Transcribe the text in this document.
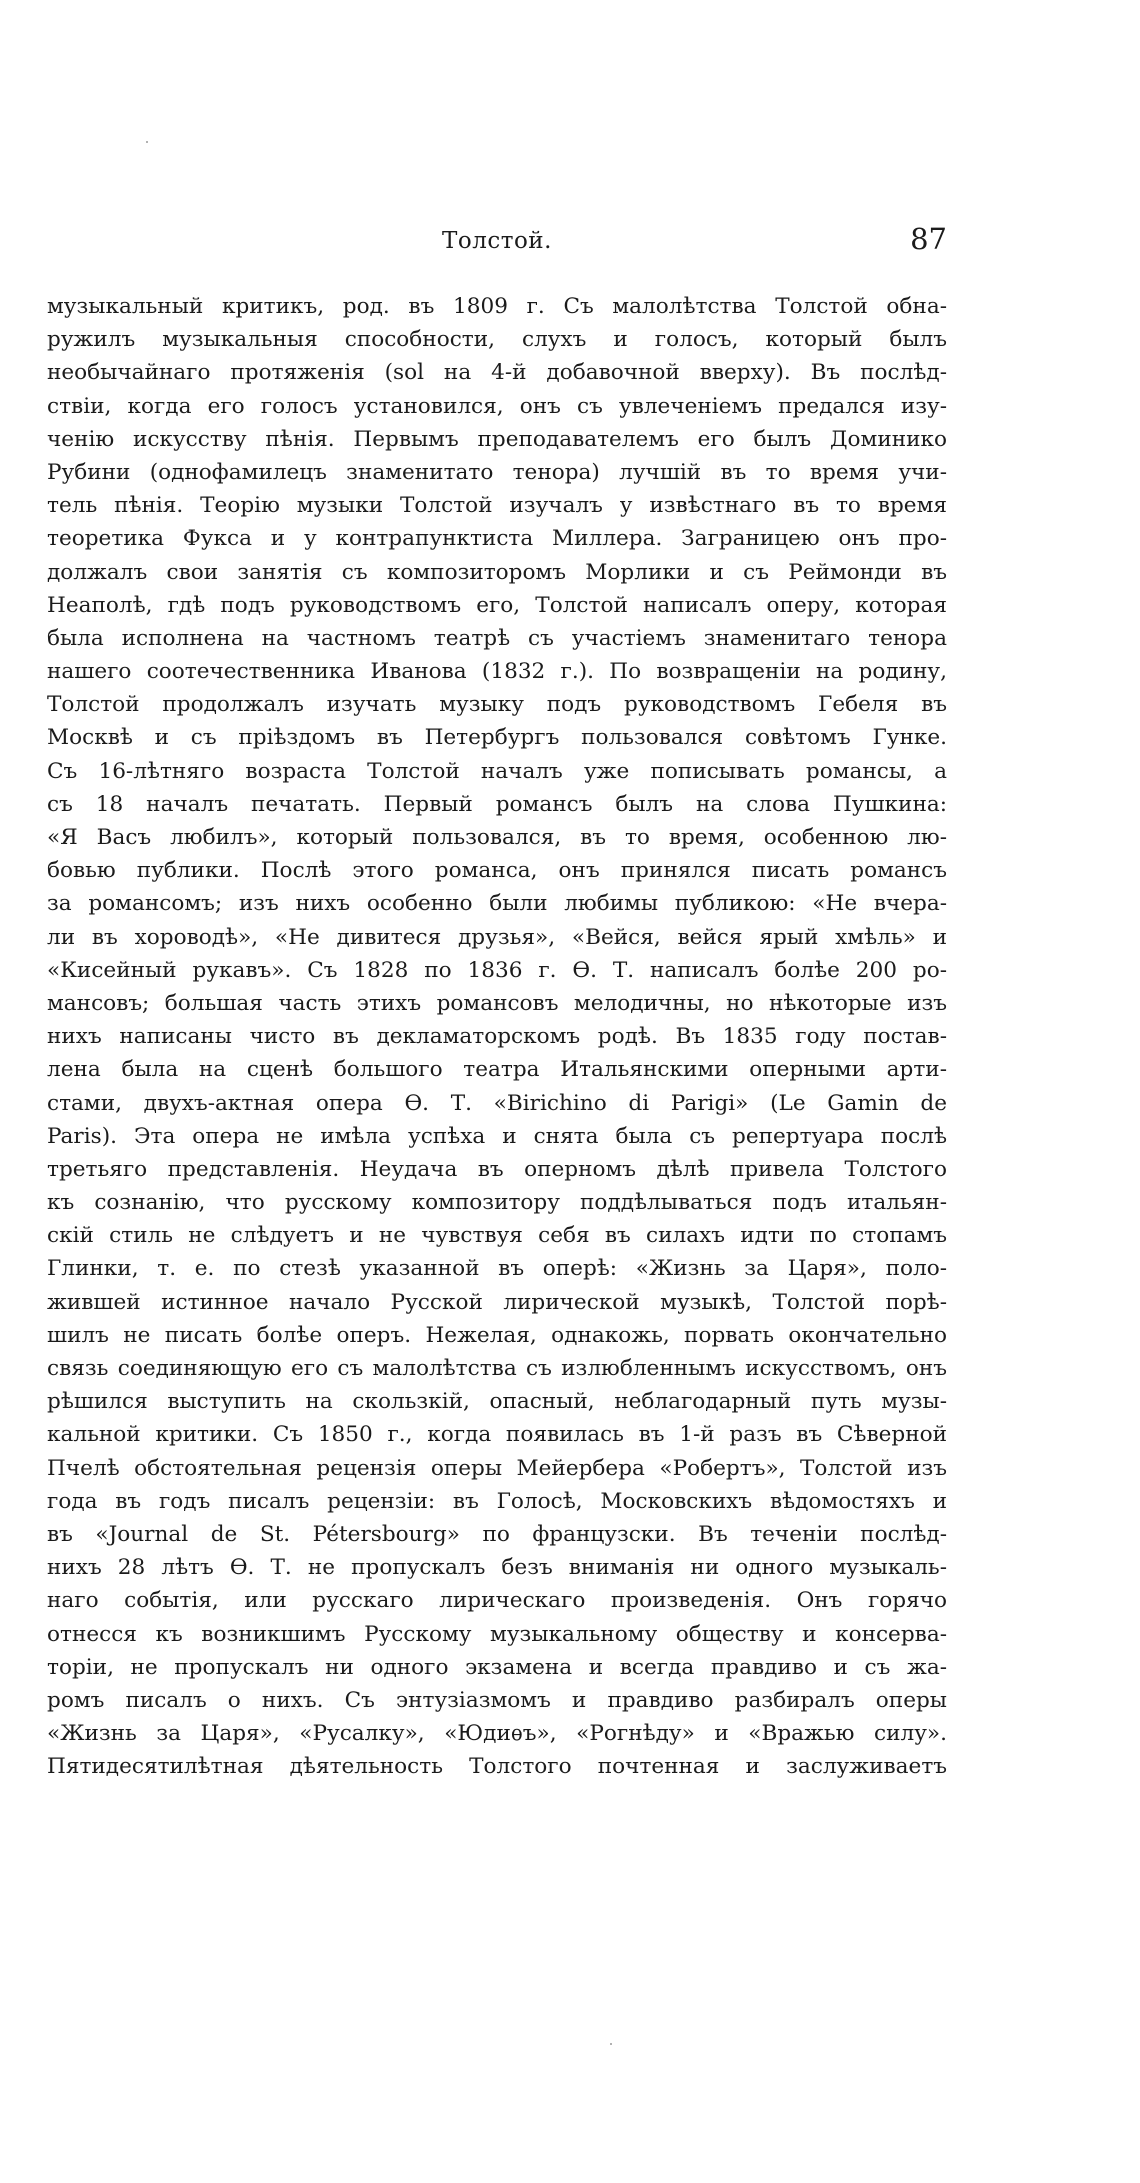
Толстой.	87
музыкальный критикъ, род. въ 1809 г. Съ малолѣтства Толстой обна-
ружилъ музыкальныя способности, слухъ и голосъ, который былъ
необычайнаго протяженія (sol на 4-й добавочной вверху). Въ послѣд-
ствіи, когда его голосъ установился, онъ съ увлеченіемъ предался изу-
ченію искусству пѣнія. Первымъ преподавателемъ его былъ Доминико
Рубини (однофамилецъ знаменитато тенора) лучшій въ то время учи-
тель пѣнія. Теорію музыки Толстой изучалъ у извѣстнаго въ то время
теоретика Фукса и у контрапунктиста Миллера. Заграницею онъ про-
должалъ свои занятія съ композиторомъ Морлики и съ Реймонди въ
Неаполѣ, гдѣ подъ руководствомъ его, Толстой написалъ оперу, которая
была исполнена на частномъ театрѣ съ участіемъ знаменитаго тенора
нашего соотечественника Иванова (1832 г.). По возвращеніи на родину,
Толстой продолжалъ изучать музыку подъ руководствомъ Гебеля въ
Москвѣ и съ пріѣздомъ въ Петербургъ пользовался совѣтомъ Гунке.
Съ 16-лѣтняго возраста Толстой началъ уже пописывать романсы, а
съ 18 началъ печатать. Первый романсъ былъ на слова Пушкина:
«Я Васъ любилъ», который пользовался, въ то время, особенною лю-
бовью публики. Послѣ этого романса, онъ принялся писать романсъ
за романсомъ; изъ нихъ особенно были любимы публикою: «Не вчера-
ли въ хороводѣ», «Не дивитеся друзья», «Вейся, вейся ярый хмѣль» и
«Кисейный рукавъ». Съ 1828 по 1836 г. Ѳ. Т. написалъ болѣе 200 ро-
мансовъ; большая часть этихъ романсовъ мелодичны, но нѣкоторые изъ
нихъ написаны чисто въ декламаторскомъ родѣ. Въ 1835 году постав-
лена была на сценѣ большого театра Итальянскими оперными арти-
стами, двухъ-актная опера Ѳ. Т. «Birichino di Parigi» (Le Gamin de
Paris). Эта опера не имѣла успѣха и снята была съ репертуара послѣ
третьяго представленія. Неудача въ оперномъ дѣлѣ привела Толстого
къ сознанію, что русскому композитору поддѣлываться подъ итальян-
скій стиль не слѣдуетъ и не чувствуя себя въ силахъ идти по стопамъ
Глинки, т. е. по стезѣ указанной въ оперѣ: «Жизнь за Царя», поло-
жившей истинное начало Русской лирической музыкѣ, Толстой порѣ-
шилъ не писать болѣе оперъ. Нежелая, однакожь, порвать окончательно
связь соединяющую его съ малолѣтства съ излюбленнымъ искусствомъ, онъ
рѣшился выступить на скользкій, опасный, неблагодарный путь музы-
кальной критики. Съ 1850 г., когда появилась въ 1-й разъ въ Сѣверной
Пчелѣ обстоятельная рецензія оперы Мейербера «Робертъ», Толстой изъ
года въ годъ писалъ рецензіи: въ Голосѣ, Московскихъ вѣдомостяхъ и
въ «Journal de St. Pétersbourg» по французски. Въ теченіи послѣд-
нихъ 28 лѣтъ Ѳ. Т. не пропускалъ безъ вниманія ни одного музыкаль-
наго событія, или русскаго лирическаго произведенія. Онъ горячо
отнесся къ возникшимъ Русскому музыкальному обществу и консерва-
торіи, не пропускалъ ни одного экзамена и всегда правдиво и съ жа-
ромъ писалъ о нихъ. Съ энтузіазмомъ и правдиво разбиралъ оперы
«Жизнь за Царя», «Русалку», «Юдиѳъ», «Рогнѣду» и «Вражью силу».
Пятидесятилѣтная дѣятельность Толстого почтенная и заслуживаетъ
